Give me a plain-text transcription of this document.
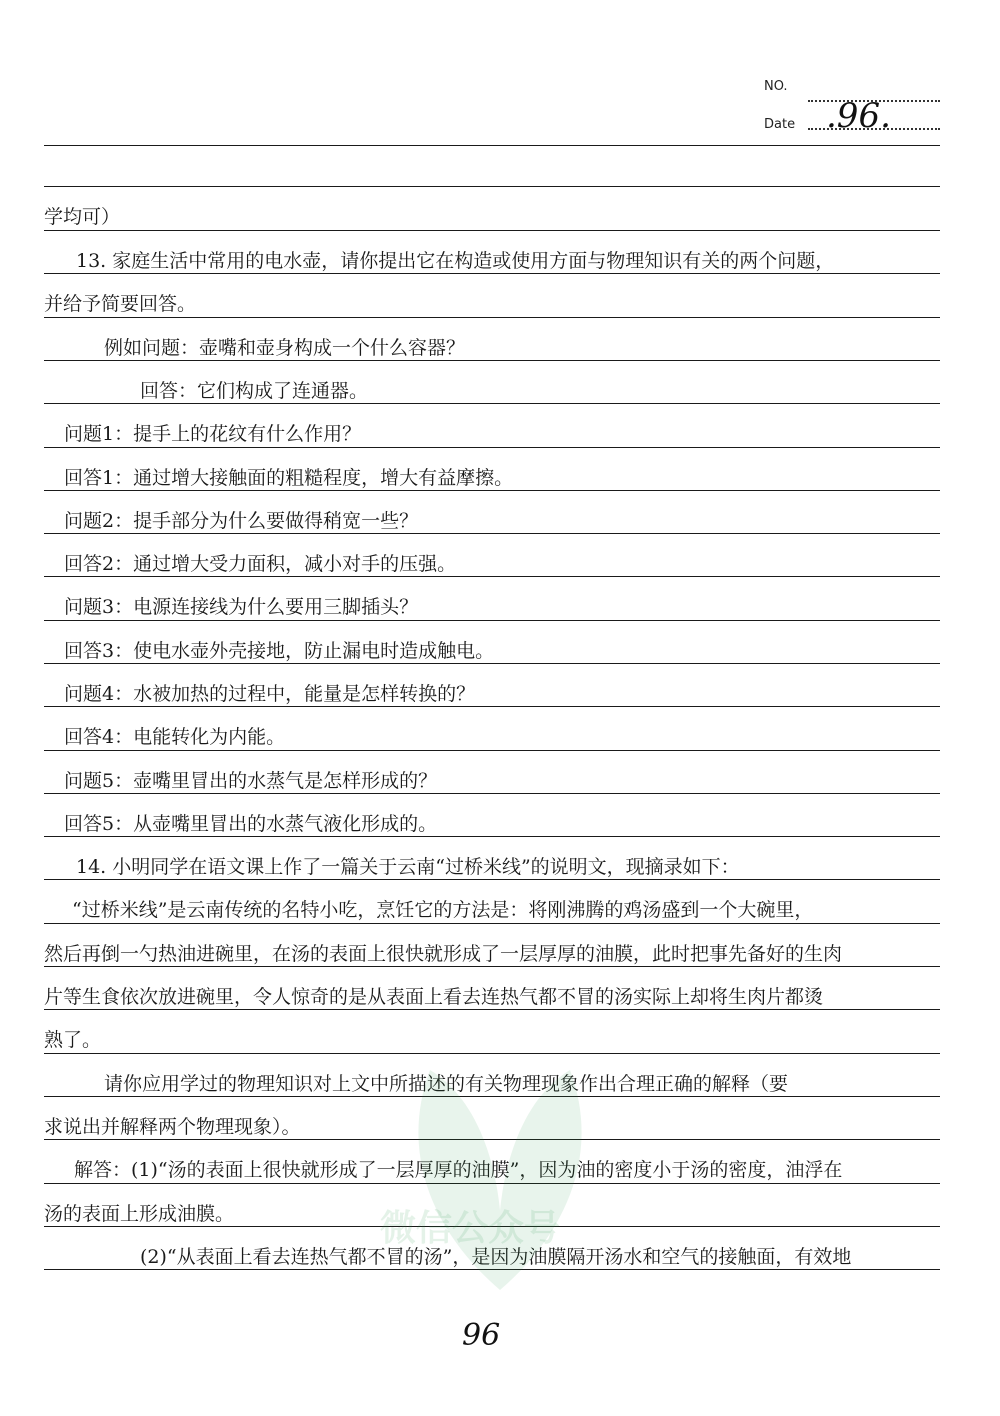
NO.
Date .96.
学均可）
13. 家庭生活中常用的电水壶，请你提出它在构造或使用方面与物理知识有关的两个问题，
并给予简要回答。
例如问题：壶嘴和壶身构成一个什么容器？
回答：它们构成了连通器。
问题1：提手上的花纹有什么作用？
回答1：通过增大接触面的粗糙程度，增大有益摩擦。
问题2：提手部分为什么要做得稍宽一些？
回答2：通过增大受力面积，减小对手的压强。
问题3：电源连接线为什么要用三脚插头？
回答3：使电水壶外壳接地，防止漏电时造成触电。
问题4：水被加热的过程中，能量是怎样转换的？
回答4：电能转化为内能。
问题5：壶嘴里冒出的水蒸气是怎样形成的？
回答5：从壶嘴里冒出的水蒸气液化形成的。
14. 小明同学在语文课上作了一篇关于云南“过桥米线”的说明文，现摘录如下：
“过桥米线”是云南传统的名特小吃，烹饪它的方法是：将刚沸腾的鸡汤盛到一个大碗里，
然后再倒一勺热油进碗里，在汤的表面上很快就形成了一层厚厚的油膜，此时把事先备好的生肉
片等生食依次放进碗里，令人惊奇的是从表面上看去连热气都不冒的汤实际上却将生肉片都烫
熟了。
请你应用学过的物理知识对上文中所描述的有关物理现象作出合理正确的解释（要
求说出并解释两个物理现象）。
解答：(1)“汤的表面上很快就形成了一层厚厚的油膜”，因为油的密度小于汤的密度，油浮在
汤的表面上形成油膜。
(2)“从表面上看去连热气都不冒的汤”，是因为油膜隔开汤水和空气的接触面，有效地
微信公众号
96
